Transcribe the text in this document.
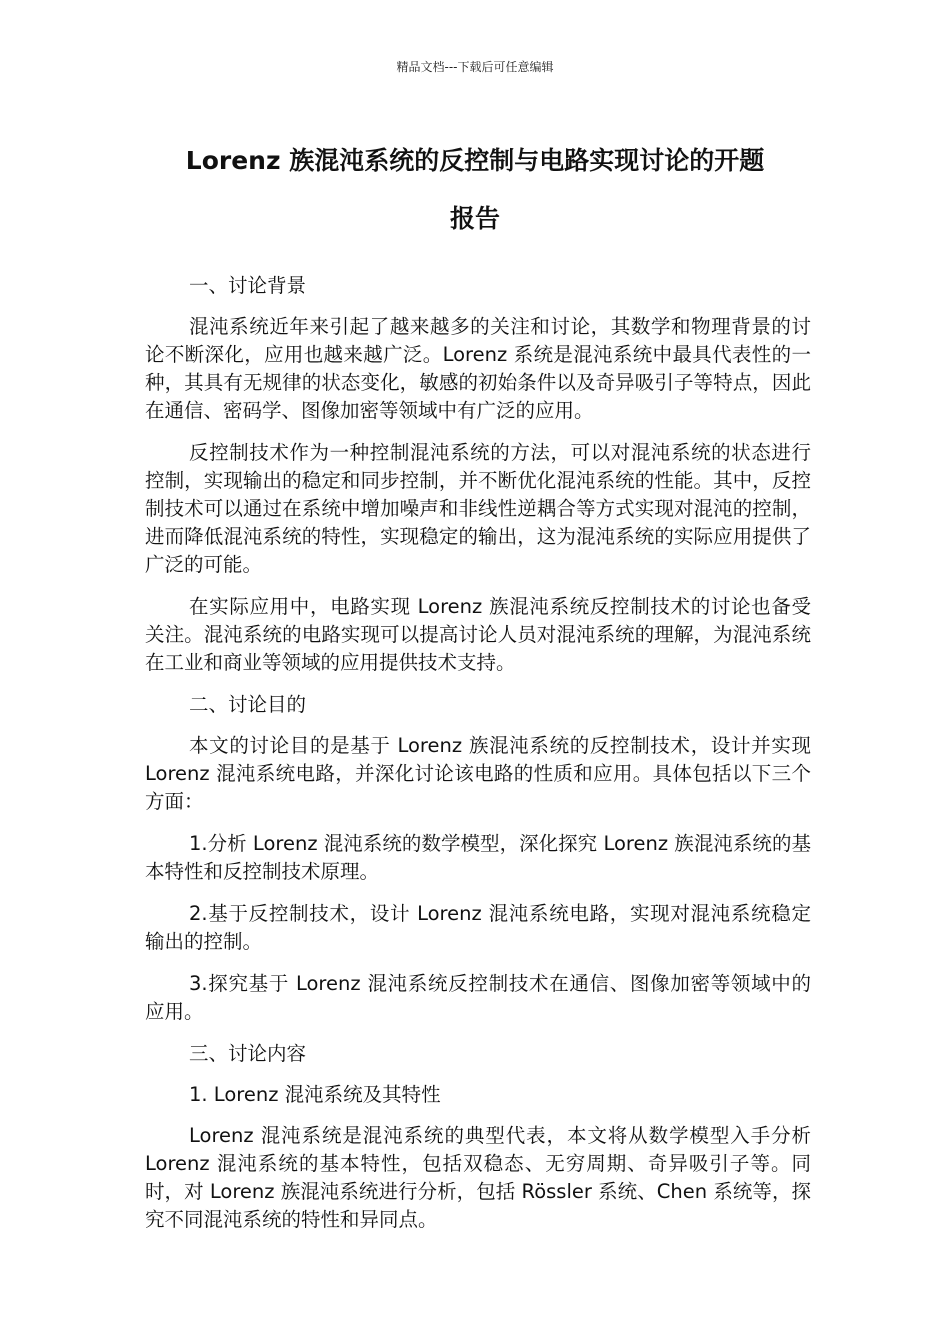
精品文档---下载后可任意编辑
Lorenz 族混沌系统的反控制与电路实现讨论的开题
报告

一、讨论背景

混沌系统近年来引起了越来越多的关注和讨论，其数学和物理背景的讨论不断深化，应用也越来越广泛。Lorenz 系统是混沌系统中最具代表性的一种，其具有无规律的状态变化，敏感的初始条件以及奇异吸引子等特点，因此在通信、密码学、图像加密等领域中有广泛的应用。

反控制技术作为一种控制混沌系统的方法，可以对混沌系统的状态进行控制，实现输出的稳定和同步控制，并不断优化混沌系统的性能。其中，反控制技术可以通过在系统中增加噪声和非线性逆耦合等方式实现对混沌的控制，进而降低混沌系统的特性，实现稳定的输出，这为混沌系统的实际应用提供了广泛的可能。

在实际应用中，电路实现 Lorenz 族混沌系统反控制技术的讨论也备受关注。混沌系统的电路实现可以提高讨论人员对混沌系统的理解，为混沌系统在工业和商业等领域的应用提供技术支持。

二、讨论目的

本文的讨论目的是基于 Lorenz 族混沌系统的反控制技术，设计并实现 Lorenz 混沌系统电路，并深化讨论该电路的性质和应用。具体包括以下三个方面：

1.分析 Lorenz 混沌系统的数学模型，深化探究 Lorenz 族混沌系统的基本特性和反控制技术原理。

2.基于反控制技术，设计 Lorenz 混沌系统电路，实现对混沌系统稳定输出的控制。

3.探究基于 Lorenz 混沌系统反控制技术在通信、图像加密等领域中的应用。

三、讨论内容

1. Lorenz 混沌系统及其特性

Lorenz 混沌系统是混沌系统的典型代表，本文将从数学模型入手分析 Lorenz 混沌系统的基本特性，包括双稳态、无穷周期、奇异吸引子等。同时，对 Lorenz 族混沌系统进行分析，包括 Rössler 系统、Chen 系统等，探究不同混沌系统的特性和异同点。
